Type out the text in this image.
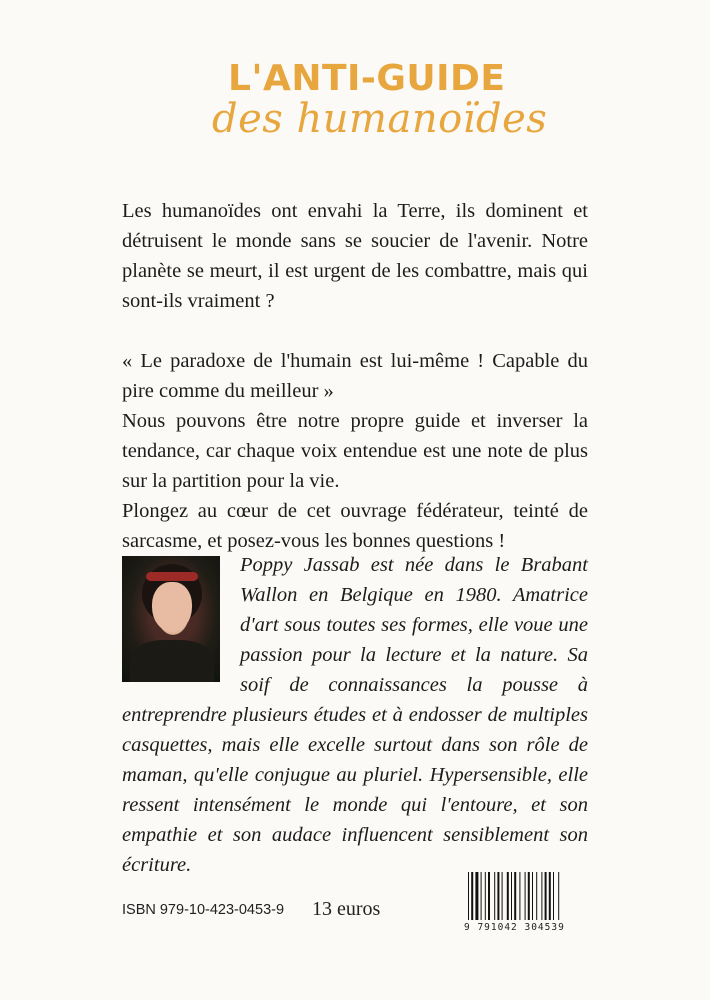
L'ANTI-GUIDE
des humanoïdes

Les humanoïdes ont envahi la Terre, ils dominent et détruisent le monde sans se soucier de l'avenir. Notre planète se meurt, il est urgent de les combattre, mais qui sont-ils vraiment ?

« Le paradoxe de l'humain est lui-même ! Capable du pire comme du meilleur »

Nous pouvons être notre propre guide et inverser la tendance, car chaque voix entendue est une note de plus sur la partition pour la vie.

Plongez au cœur de cet ouvrage fédérateur, teinté de sarcasme, et posez-vous les bonnes questions !

Poppy Jassab est née dans le Brabant Wallon en Belgique en 1980. Amatrice d'art sous toutes ses formes, elle voue une passion pour la lecture et la nature. Sa soif de connaissances la pousse à entreprendre plusieurs études et à endosser de multiples casquettes, mais elle excelle surtout dans son rôle de maman, qu'elle conjugue au pluriel. Hypersensible, elle ressent intensément le monde qui l'entoure, et son empathie et son audace influencent sensiblement son écriture.
ISBN 979-10-423-0453-9 13 euros
9 791042 304539
